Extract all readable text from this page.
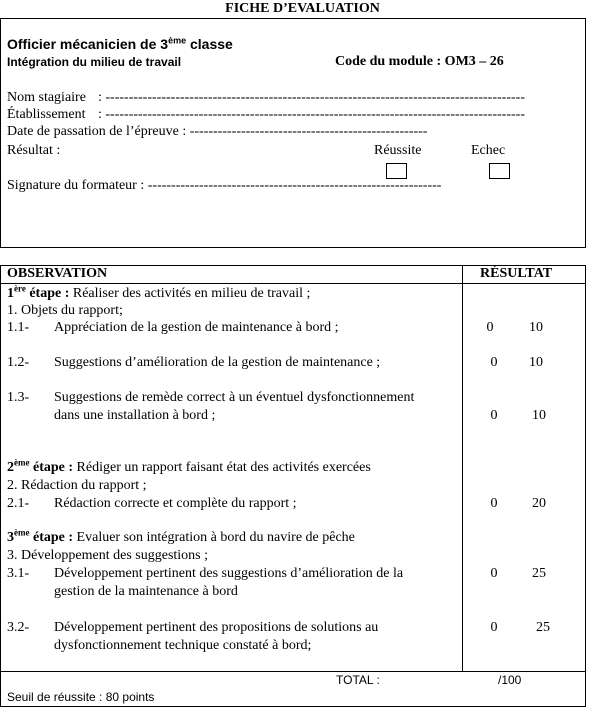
FICHE D’EVALUATION
Officier mécanicien de 3ème classe
Intégration du milieu de travail	Code du module : OM3 – 26
Nom stagiaire : ------------------------------------------------------------------------------------------
Établissement : ------------------------------------------------------------------------------------------
Date de passation de l’épreuve : ---------------------------------------------------
Résultat :	Réussite	Echec
Signature du formateur : ---------------------------------------------------------------
OBSERVATION	RÉSULTAT
1ère étape : Réaliser des activités en milieu de travail ;
1. Objets du rapport;
1.1- Appréciation de la gestion de maintenance à bord ;	0	10
1.2- Suggestions d’amélioration de la gestion de maintenance ;	0	10
1.3- Suggestions de remède correct à un éventuel dysfonctionnement
dans une installation à bord ;	0	10
2ème étape : Rédiger un rapport faisant état des activités exercées
2. Rédaction du rapport ;
2.1- Rédaction correcte et complète du rapport ;	0	20
3ème étape : Evaluer son intégration à bord du navire de pêche
3. Développement des suggestions ;
3.1- Développement pertinent des suggestions d’amélioration de la
gestion de la maintenance à bord
0	25
3.2- Développement pertinent des propositions de solutions au
dysfonctionnement technique constaté à bord;
0	25
TOTAL :	/100
Seuil de réussite : 80 points
